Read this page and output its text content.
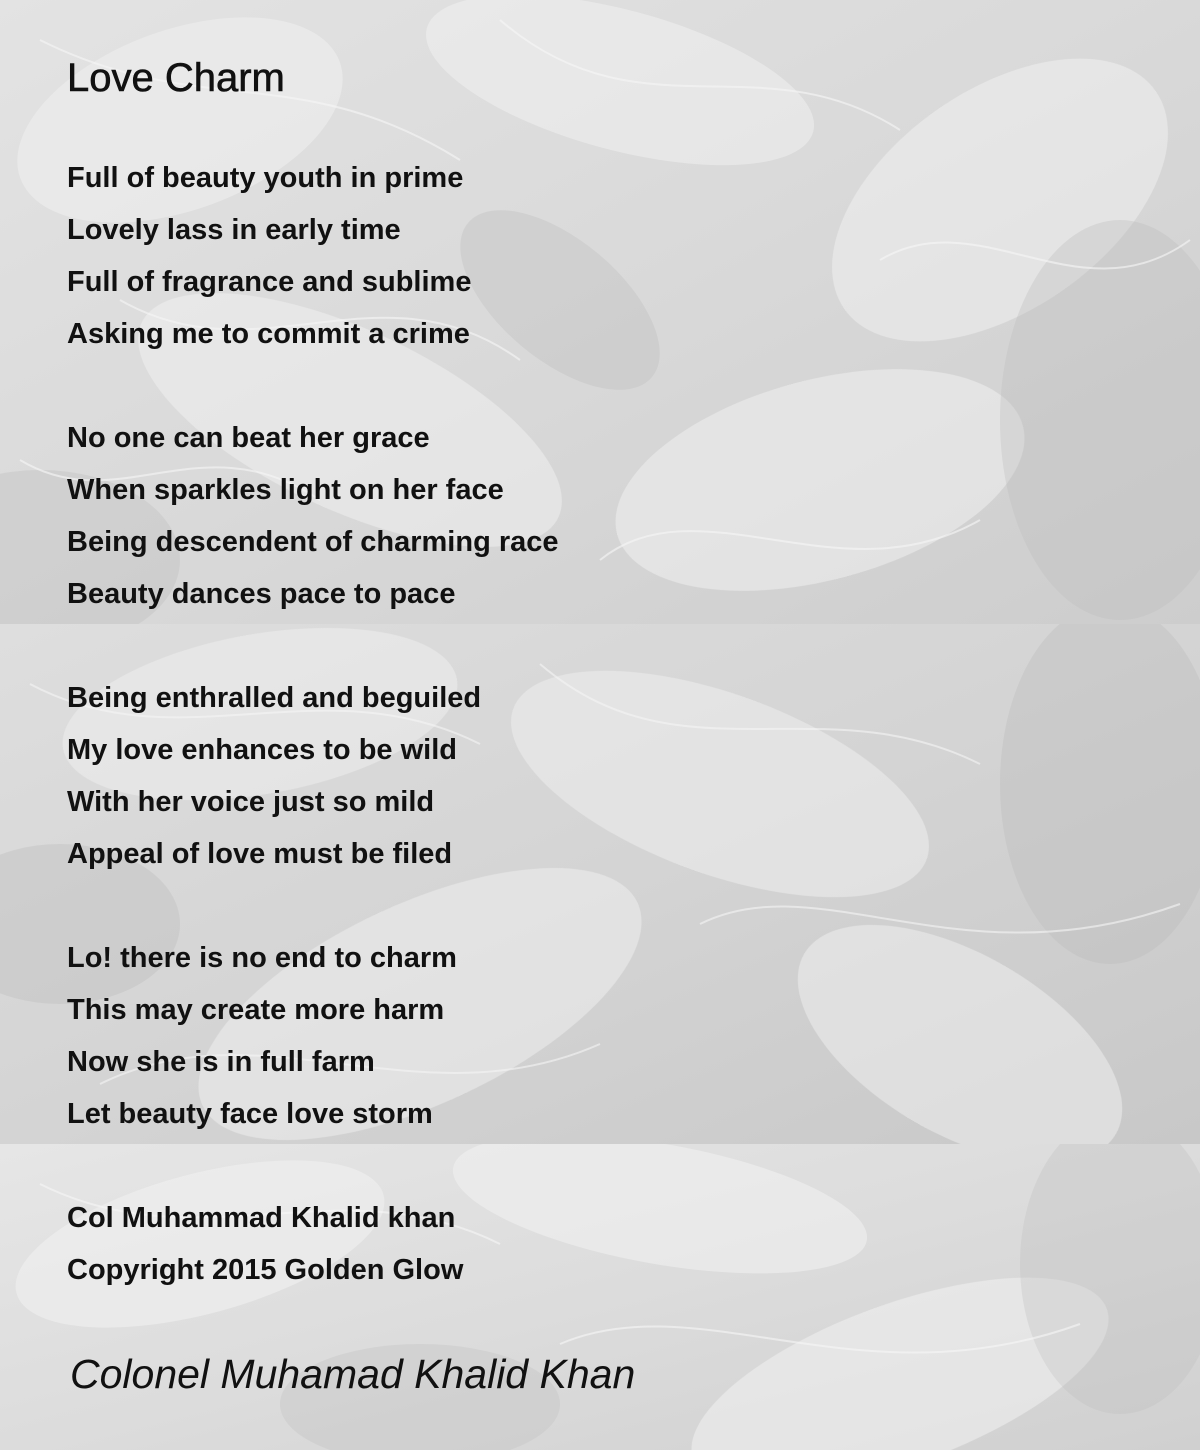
Love Charm
Full of beauty youth in prime
Lovely lass in early time
Full of fragrance and sublime
Asking me to commit a crime
No one can beat her grace
When sparkles light on her face
Being descendent of charming race
Beauty dances pace to pace
Being enthralled and beguiled
My love enhances to be wild
With her voice just so mild
Appeal of love must be filed
Lo! there is no end to charm
This may create more harm
Now she is in full farm
Let beauty face love storm
Col Muhammad Khalid khan
Copyright 2015 Golden Glow
Colonel Muhamad Khalid Khan
